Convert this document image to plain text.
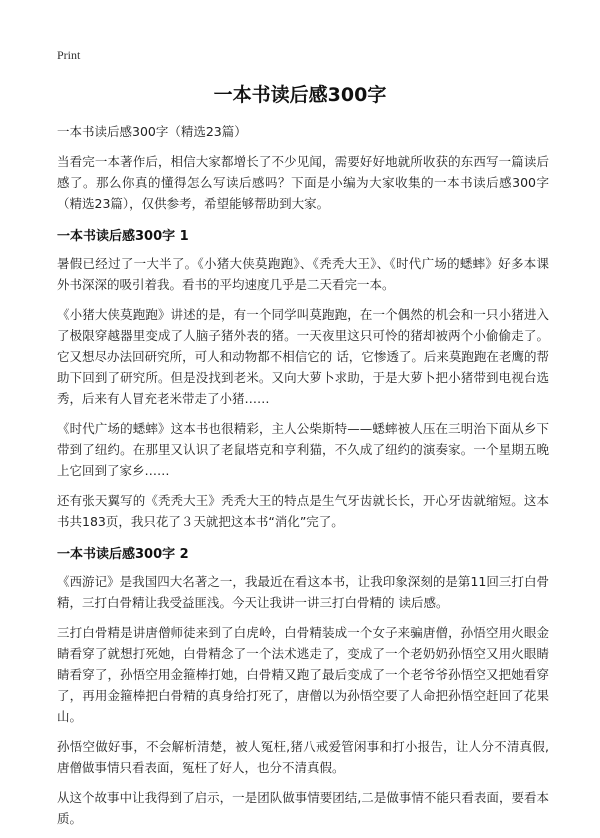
Print
一本书读后感300字

一本书读后感300字（精选23篇）

当看完一本著作后，相信大家都增长了不少见闻，需要好好地就所收获的东西写一篇读后感了。那么你真的懂得怎么写读后感吗？下面是小编为大家收集的一本书读后感300字（精选23篇），仅供参考，希望能够帮助到大家。

一本书读后感300字 1

暑假已经过了一大半了。《小猪大侠莫跑跑》、《秃秃大王》、《时代广场的蟋蟀》好多本课外书深深的吸引着我。看书的平均速度几乎是二天看完一本。

《小猪大侠莫跑跑》讲述的是，有一个同学叫莫跑跑，在一个偶然的机会和一只小猪进入了极限穿越器里变成了人脑子猪外表的猪。一天夜里这只可怜的猪却被两个小偷偷走了。它又想尽办法回研究所，可人和动物都不相信它的 话，它惨透了。后来莫跑跑在老鹰的帮助下回到了研究所。但是没找到老米。又向大萝卜求助，于是大萝卜把小猪带到电视台选秀，后来有人冒充老米带走了小猪……

《时代广场的蟋蟀》这本书也很精彩，主人公柴斯特——蟋蟀被人压在三明治下面从乡下带到了纽约。在那里又认识了老鼠塔克和亨利猫，不久成了纽约的演奏家。一个星期五晚上它回到了家乡……

还有张天翼写的《秃秃大王》秃秃大王的特点是生气牙齿就长长，开心牙齿就缩短。这本书共183页，我只花了３天就把这本书“消化”完了。

一本书读后感300字 2

《西游记》是我国四大名著之一，我最近在看这本书，让我印象深刻的是第11回三打白骨精，三打白骨精让我受益匪浅。今天让我讲一讲三打白骨精的 读后感。

三打白骨精是讲唐僧师徒来到了白虎岭，白骨精装成一个女子来骗唐僧，孙悟空用火眼金睛看穿了就想打死她，白骨精念了一个法术逃走了，变成了一个老奶奶孙悟空又用火眼睛睛看穿了，孙悟空用金箍棒打她，白骨精又跑了最后变成了一个老爷爷孙悟空又把她看穿了，再用金箍棒把白骨精的真身给打死了，唐僧以为孙悟空要了人命把孙悟空赶回了花果山。

孙悟空做好事，不会解析清楚，被人冤枉,猪八戒爱管闲事和打小报告，让人分不清真假,唐僧做事情只看表面，冤枉了好人，也分不清真假。

从这个故事中让我得到了启示，一是团队做事情要团结,二是做事情不能只看表面，要看本质。
